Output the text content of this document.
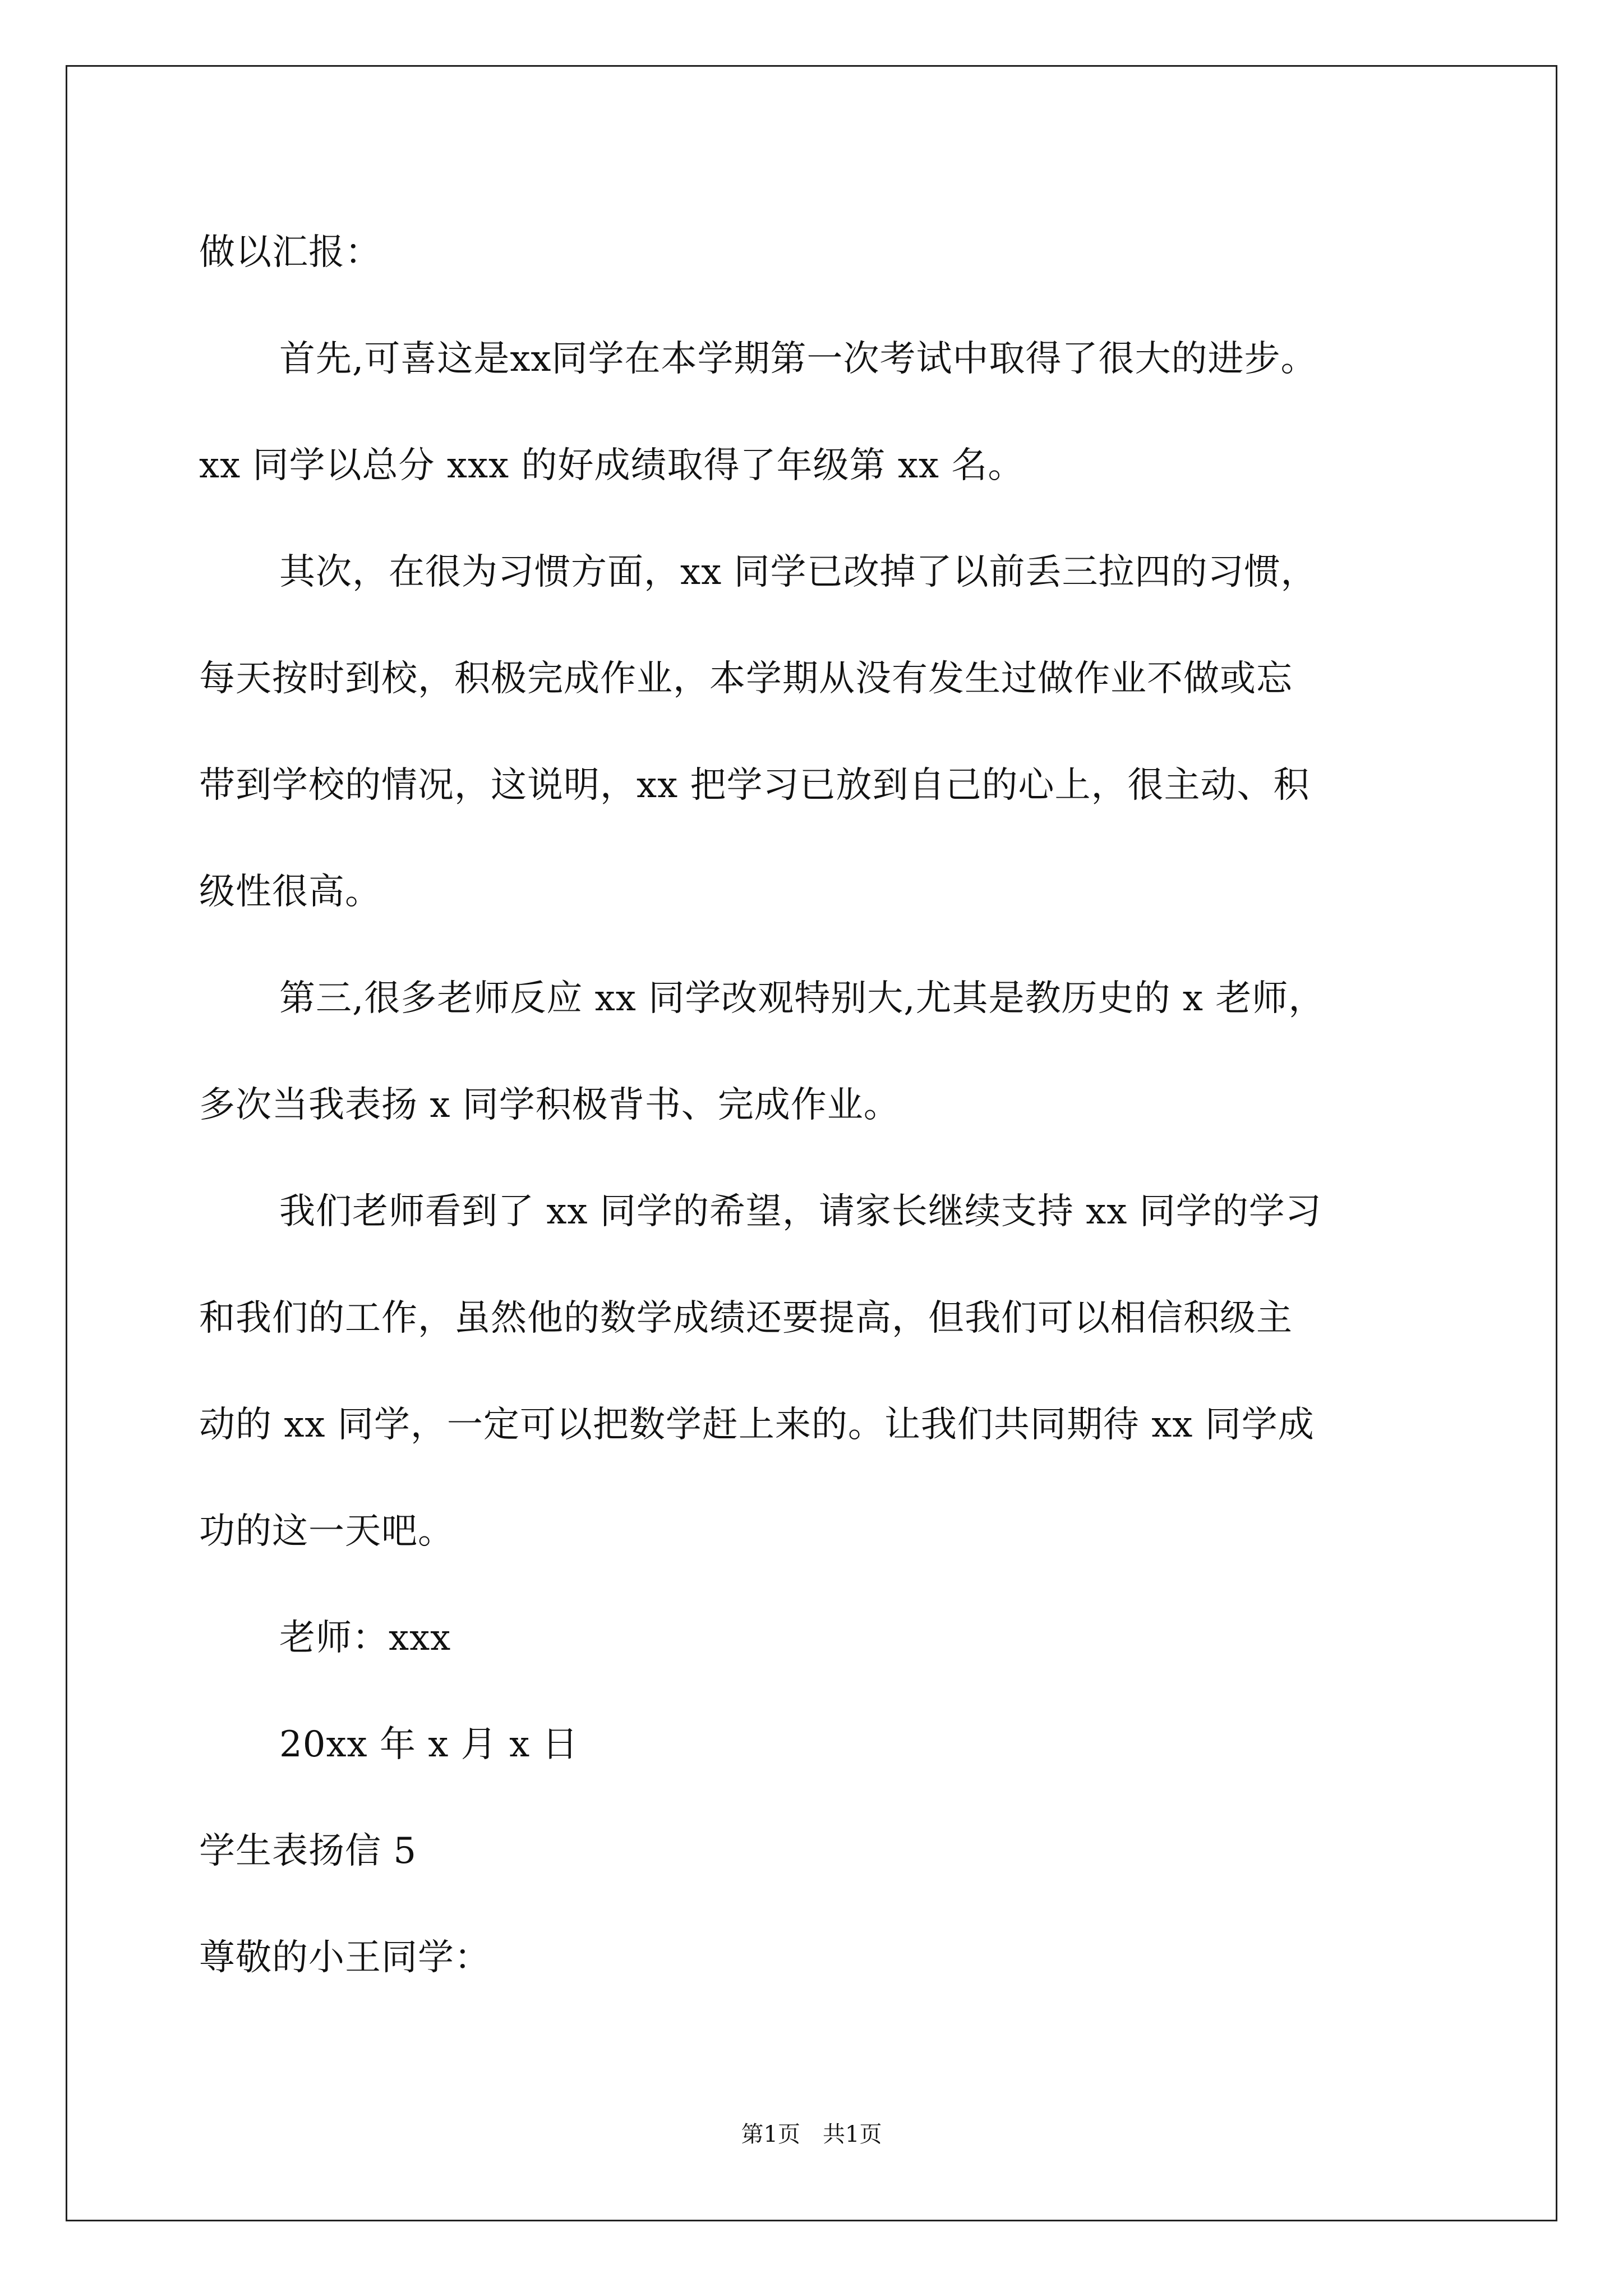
做以汇报：
首先,可喜这是xx同学在本学期第一次考试中取得了很大的进步。
xx 同学以总分 xxx 的好成绩取得了年级第 xx 名。
其次，在很为习惯方面，xx 同学已改掉了以前丢三拉四的习惯，
每天按时到校，积极完成作业，本学期从没有发生过做作业不做或忘
带到学校的情况，这说明，xx 把学习已放到自己的心上，很主动、积
级性很高。
第三,很多老师反应 xx 同学改观特别大,尤其是教历史的 x 老师，
多次当我表扬 x 同学积极背书、完成作业。
我们老师看到了 xx 同学的希望，请家长继续支持 xx 同学的学习
和我们的工作，虽然他的数学成绩还要提高，但我们可以相信积级主
动的 xx 同学，一定可以把数学赶上来的。让我们共同期待 xx 同学成
功的这一天吧。
老师：xxx
20xx 年 x 月 x 日
学生表扬信 5
尊敬的小王同学：
第1页　共1页
